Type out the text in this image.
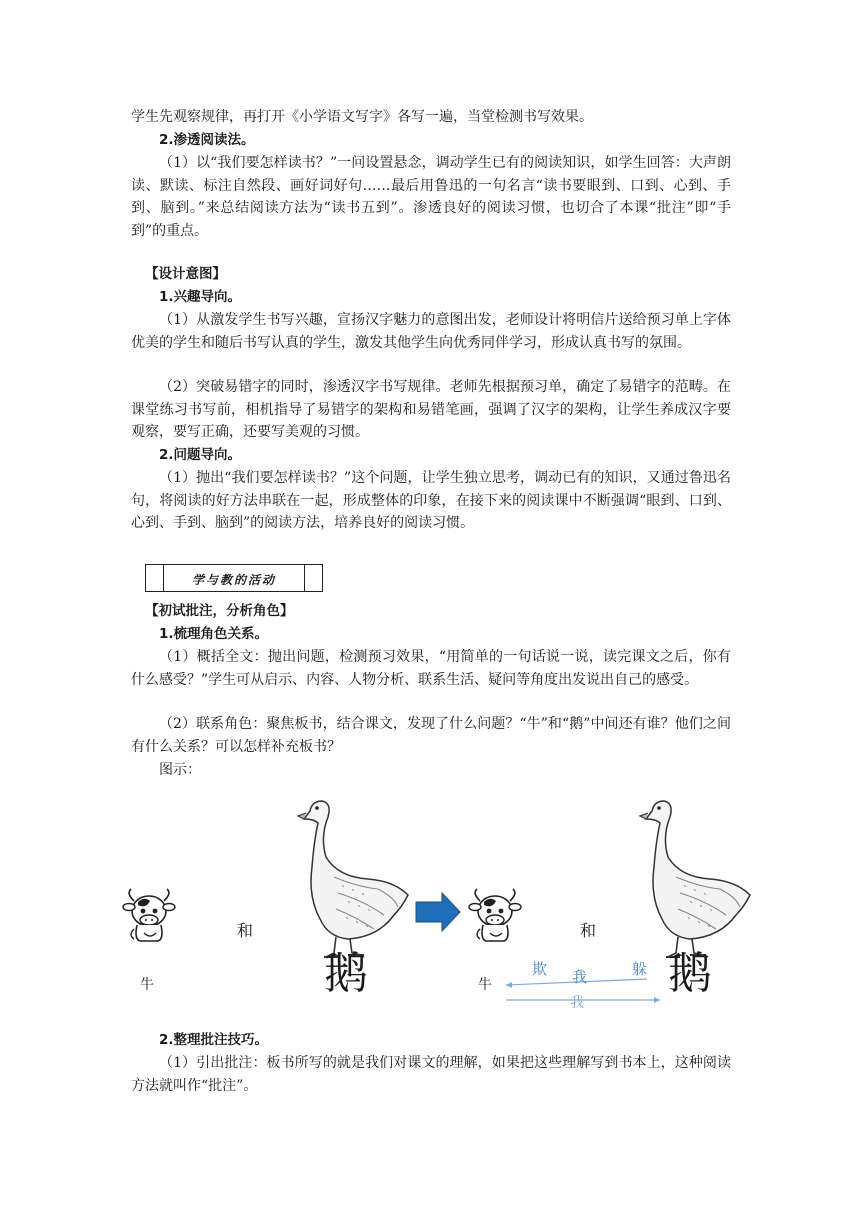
学生先观察规律，再打开《小学语文写字》各写一遍，当堂检测书写效果。

2.渗透阅读法。

（1）以“我们要怎样读书？”一问设置悬念，调动学生已有的阅读知识，如学生回答：大声朗读、默读、标注自然段、画好词好句……最后用鲁迅的一句名言“读书要眼到、口到、心到、手到、脑到。”来总结阅读方法为“读书五到”。渗透良好的阅读习惯，也切合了本课“批注”即“手到”的重点。

【设计意图】

1.兴趣导向。

（1）从激发学生书写兴趣，宣扬汉字魅力的意图出发，老师设计将明信片送给预习单上字体优美的学生和随后书写认真的学生，激发其他学生向优秀同伴学习，形成认真书写的氛围。

（2）突破易错字的同时，渗透汉字书写规律。老师先根据预习单，确定了易错字的范畴。在课堂练习书写前，相机指导了易错字的架构和易错笔画，强调了汉字的架构，让学生养成汉字要观察，要写正确，还要写美观的习惯。

2.问题导向。

（1）抛出“我们要怎样读书？”这个问题，让学生独立思考，调动已有的知识，又通过鲁迅名句，将阅读的好方法串联在一起，形成整体的印象，在接下来的阅读课中不断强调“眼到、口到、心到、手到、脑到”的阅读方法，培养良好的阅读习惯。

学与教的活动

【初试批注，分析角色】

1.梳理角色关系。

（1）概括全文：抛出问题，检测预习效果，“用简单的一句话说一说，读完课文之后，你有什么感受？”学生可从启示、内容、人物分析、联系生活、疑问等角度出发说出自己的感受。

（2）联系角色：聚焦板书，结合课文，发现了什么问题？“牛”和“鹅”中间还有谁？他们之间有什么关系？可以怎样补充板书？

图示：

和
牛	鹅
和
牛	鹅
欺 我	躲
我

2.整理批注技巧。

（1）引出批注：板书所写的就是我们对课文的理解，如果把这些理解写到书本上，这种阅读方法就叫作“批注”。
